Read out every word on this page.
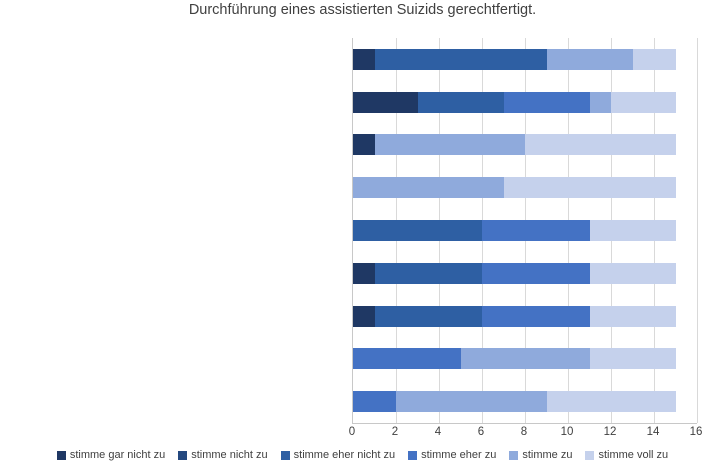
Durchführung eines assistierten Suizids gerechtfertigt.
0	2	4	6	8	10	12	14	16
stimme gar nicht zu stimme nicht zu stimme eher nicht zu stimme eher zu stimme zu stimme voll zu
